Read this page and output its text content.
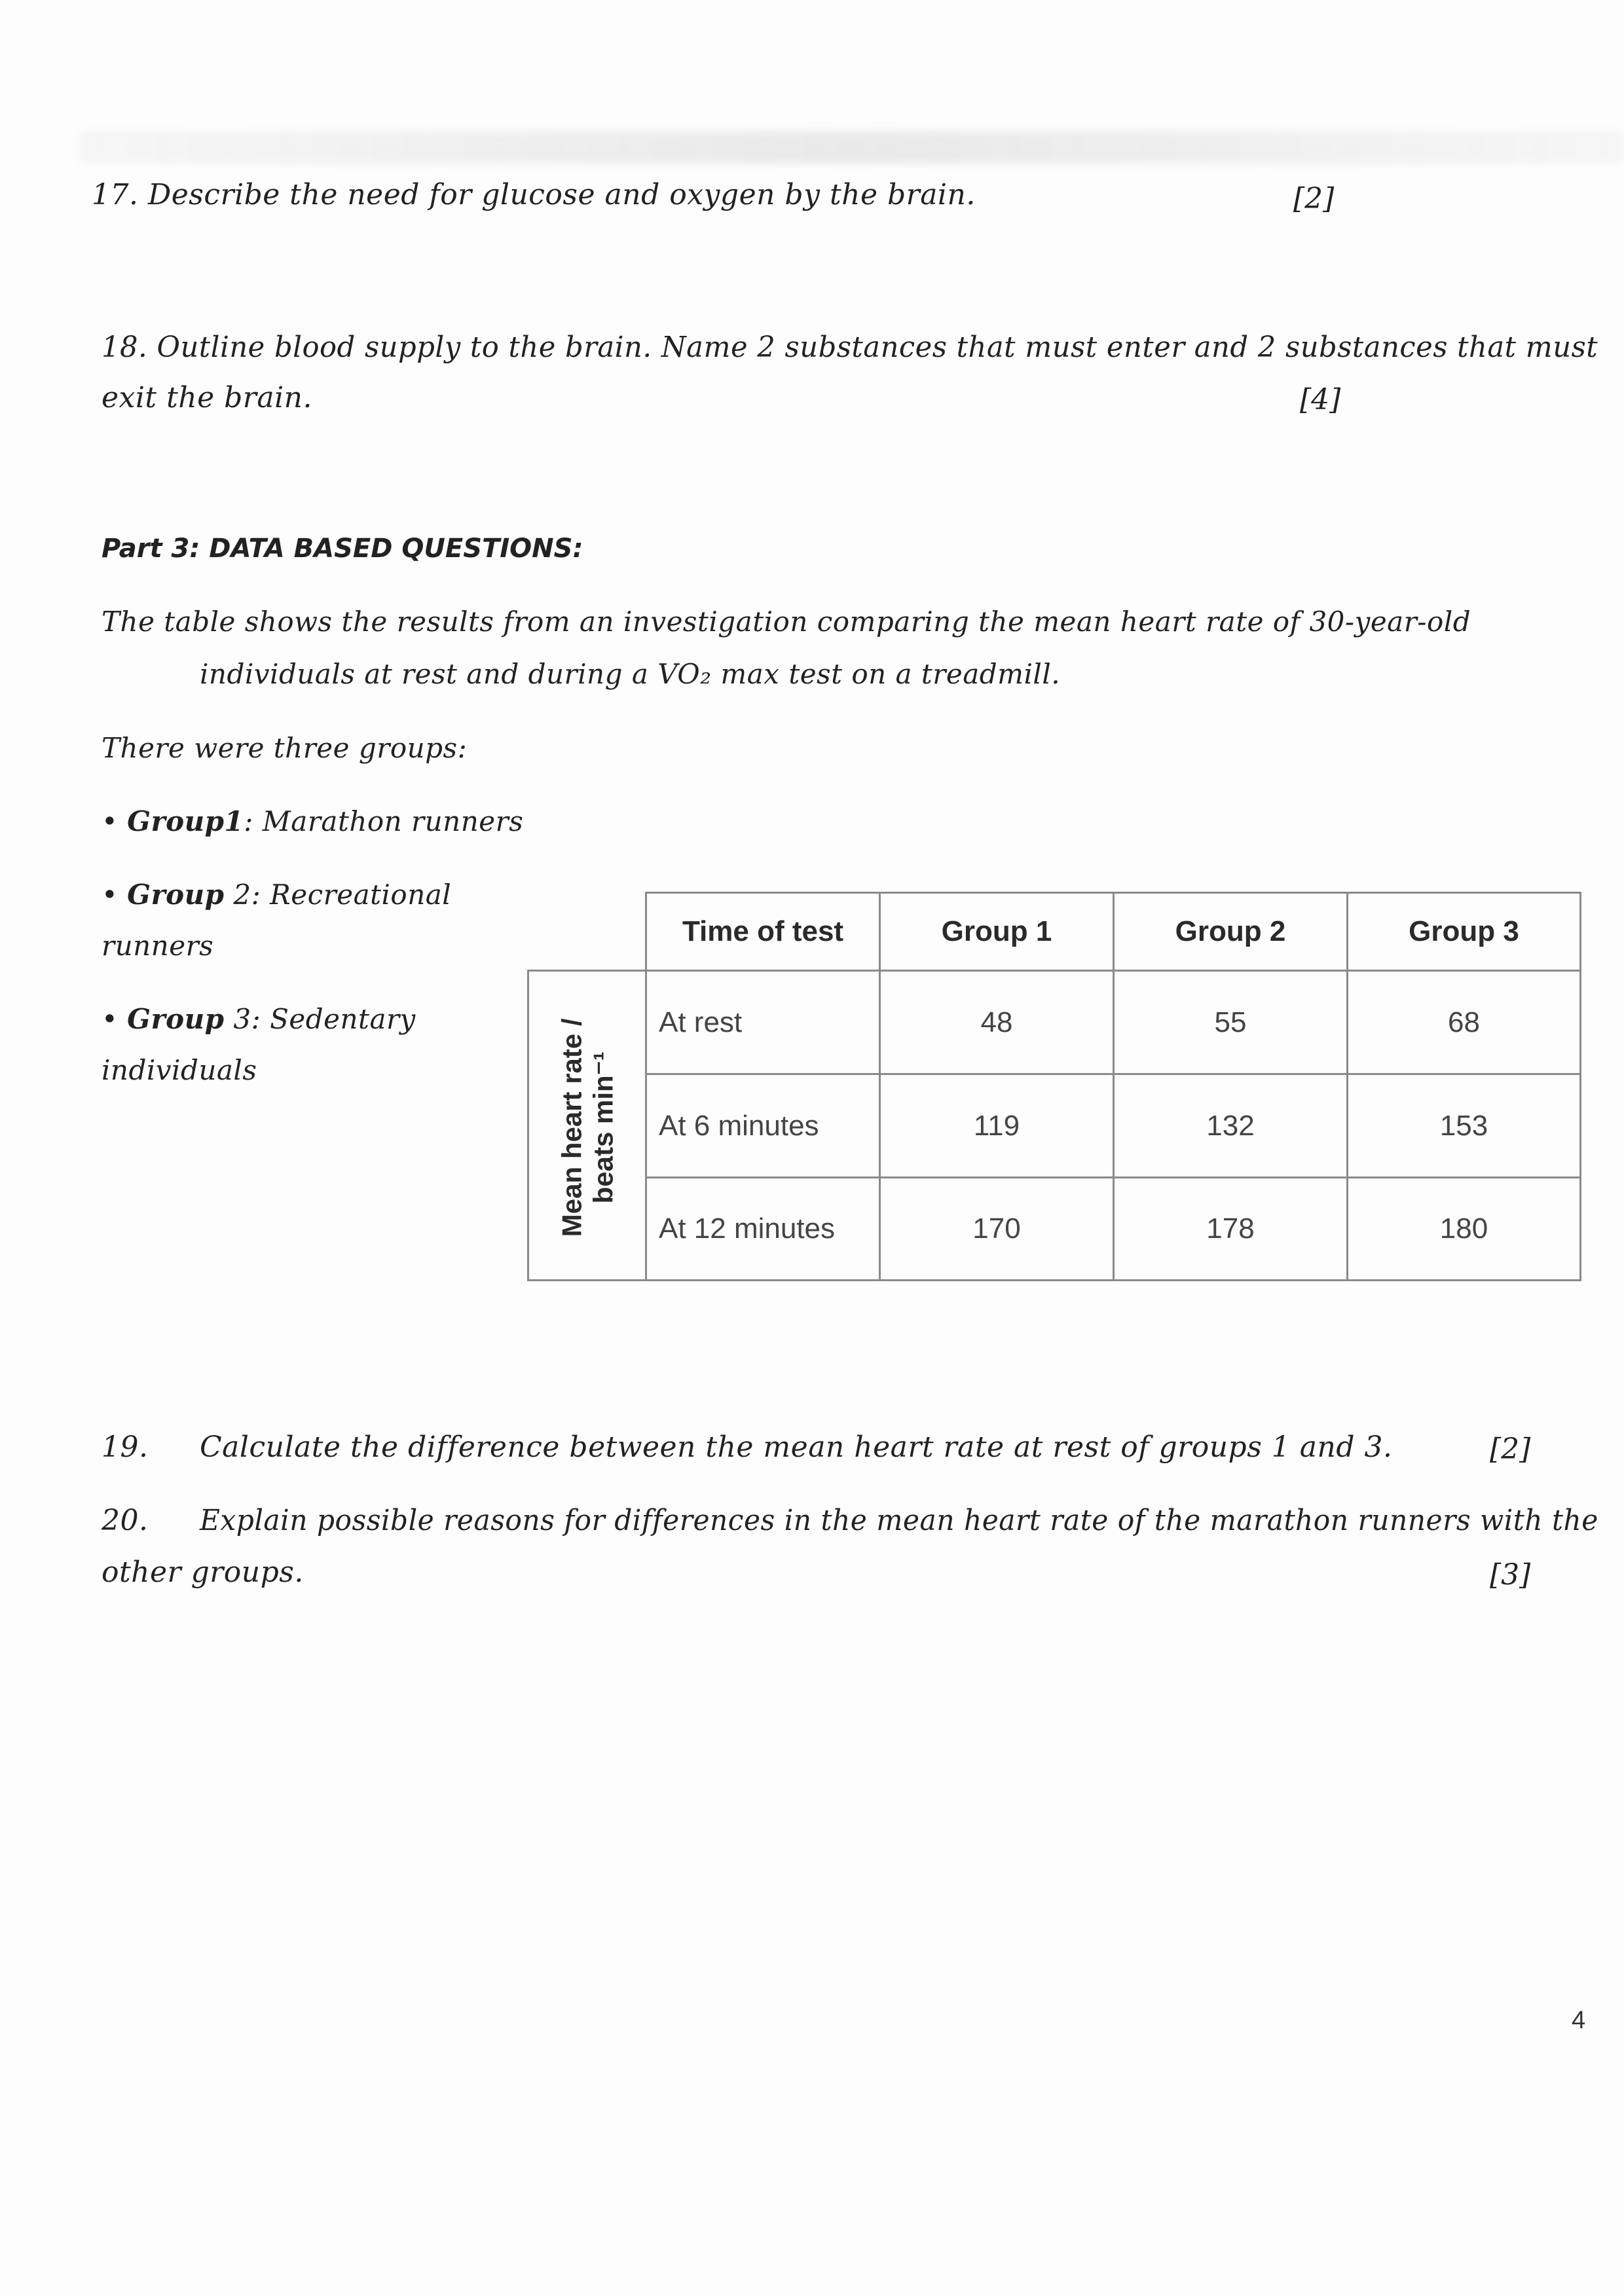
17. Describe the need for glucose and oxygen by the brain.	[2]
18. Outline blood supply to the brain. Name 2 substances that must enter and 2 substances that must
exit the brain.	[4]
Part 3: DATA BASED QUESTIONS:
The table shows the results from an investigation comparing the mean heart rate of 30-year-old
individuals at rest and during a VO₂ max test on a treadmill.
There were three groups:
• Group1: Marathon runners
• Group 2: Recreational
runners
• Group 3: Sedentary
individuals
Time of test	Group 1	Group 2	Group 3
Mean heart rate / beats min⁻¹
At rest	48	55	68
At 6 minutes	119	132	153
At 12 minutes	170	178	180
19. Calculate the difference between the mean heart rate at rest of groups 1 and 3.	[2]
20. Explain possible reasons for differences in the mean heart rate of the marathon runners with the
other groups.	[3]
4
